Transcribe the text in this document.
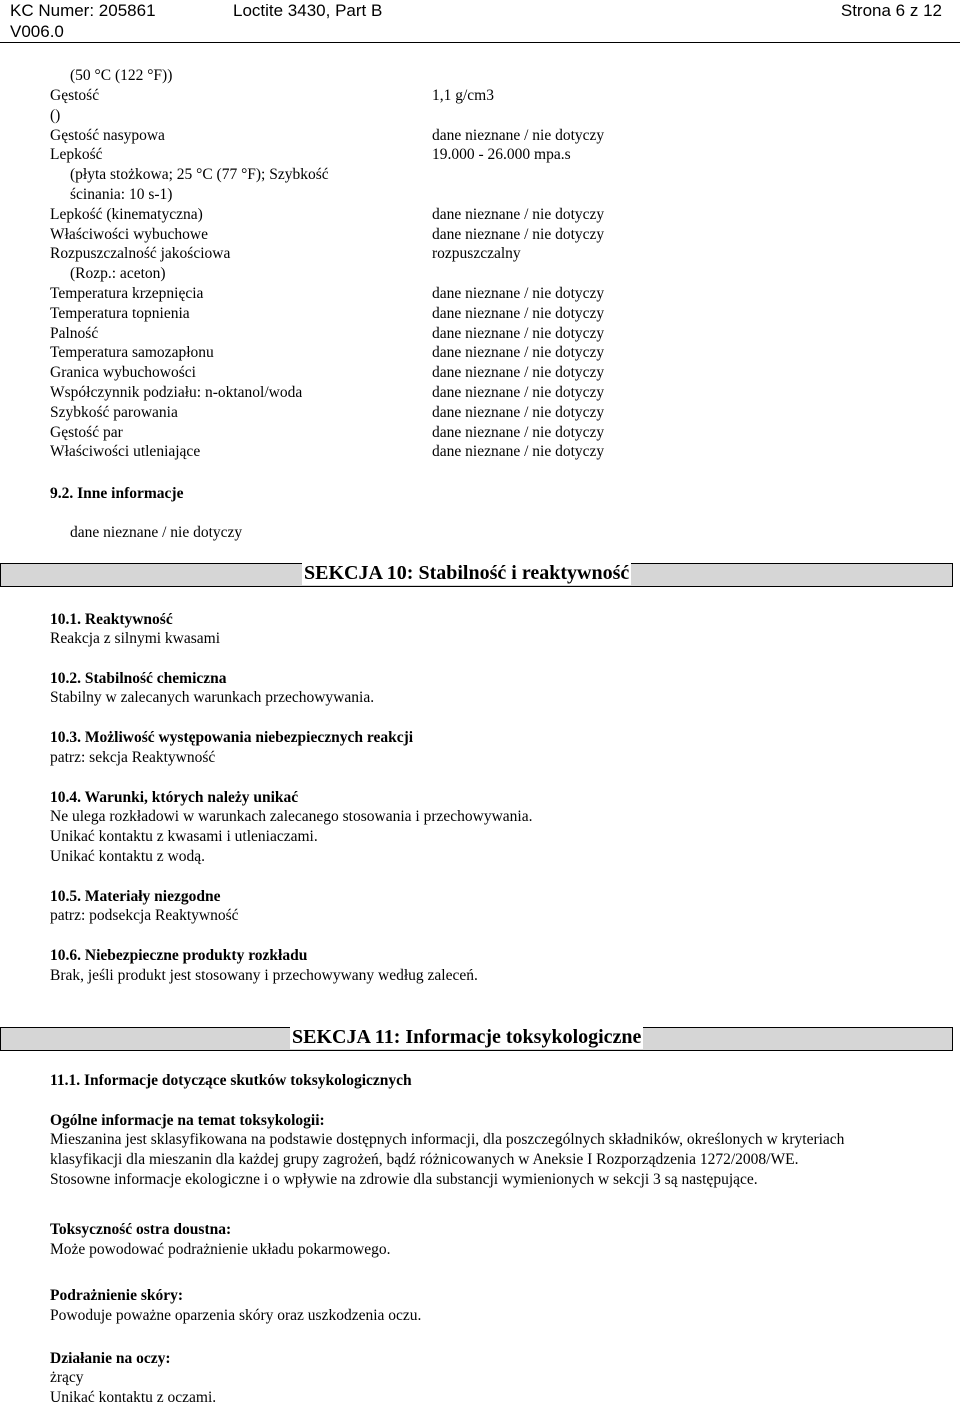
KC Numer: 205861	Loctite 3430, Part B	Strona 6 z 12
V006.0
(50 °C (122 °F))
Gęstość	1,1 g/cm3
()
Gęstość nasypowa	dane nieznane / nie dotyczy
Lepkość	19.000 - 26.000 mpa.s
(płyta stożkowa; 25 °C (77 °F); Szybkość
ścinania: 10 s-1)
Lepkość (kinematyczna)	dane nieznane / nie dotyczy
Właściwości wybuchowe	dane nieznane / nie dotyczy
Rozpuszczalność jakościowa	rozpuszczalny
(Rozp.: aceton)
Temperatura krzepnięcia	dane nieznane / nie dotyczy
Temperatura topnienia	dane nieznane / nie dotyczy
Palność	dane nieznane / nie dotyczy
Temperatura samozapłonu	dane nieznane / nie dotyczy
Granica wybuchowości	dane nieznane / nie dotyczy
Współczynnik podziału: n-oktanol/woda	dane nieznane / nie dotyczy
Szybkość parowania	dane nieznane / nie dotyczy
Gęstość par	dane nieznane / nie dotyczy
Właściwości utleniające	dane nieznane / nie dotyczy
9.2. Inne informacje
dane nieznane / nie dotyczy
SEKCJA 10: Stabilność i reaktywność
10.1. Reaktywność
Reakcja z silnymi kwasami
10.2. Stabilność chemiczna
Stabilny w zalecanych warunkach przechowywania.
10.3. Możliwość występowania niebezpiecznych reakcji
patrz: sekcja Reaktywność
10.4. Warunki, których należy unikać
Ne ulega rozkładowi w warunkach zalecanego stosowania i przechowywania.
Unikać kontaktu z kwasami i utleniaczami.
Unikać kontaktu z wodą.
10.5. Materiały niezgodne
patrz: podsekcja Reaktywność
10.6. Niebezpieczne produkty rozkładu
Brak, jeśli produkt jest stosowany i przechowywany według zaleceń.
SEKCJA 11: Informacje toksykologiczne
11.1. Informacje dotyczące skutków toksykologicznych
Ogólne informacje na temat toksykologii:
Mieszanina jest sklasyfikowana na podstawie dostępnych informacji, dla poszczególnych składników, określonych w kryteriach
klasyfikacji dla mieszanin dla każdej grupy zagrożeń, bądź różnicowanych w Aneksie I Rozporządzenia 1272/2008/WE.
Stosowne informacje ekologiczne i o wpływie na zdrowie dla substancji wymienionych w sekcji 3 są następujące.
Toksyczność ostra doustna:
Może powodować podrażnienie układu pokarmowego.
Podrażnienie skóry:
Powoduje poważne oparzenia skóry oraz uszkodzenia oczu.
Działanie na oczy:
żrący
Unikać kontaktu z oczami.
